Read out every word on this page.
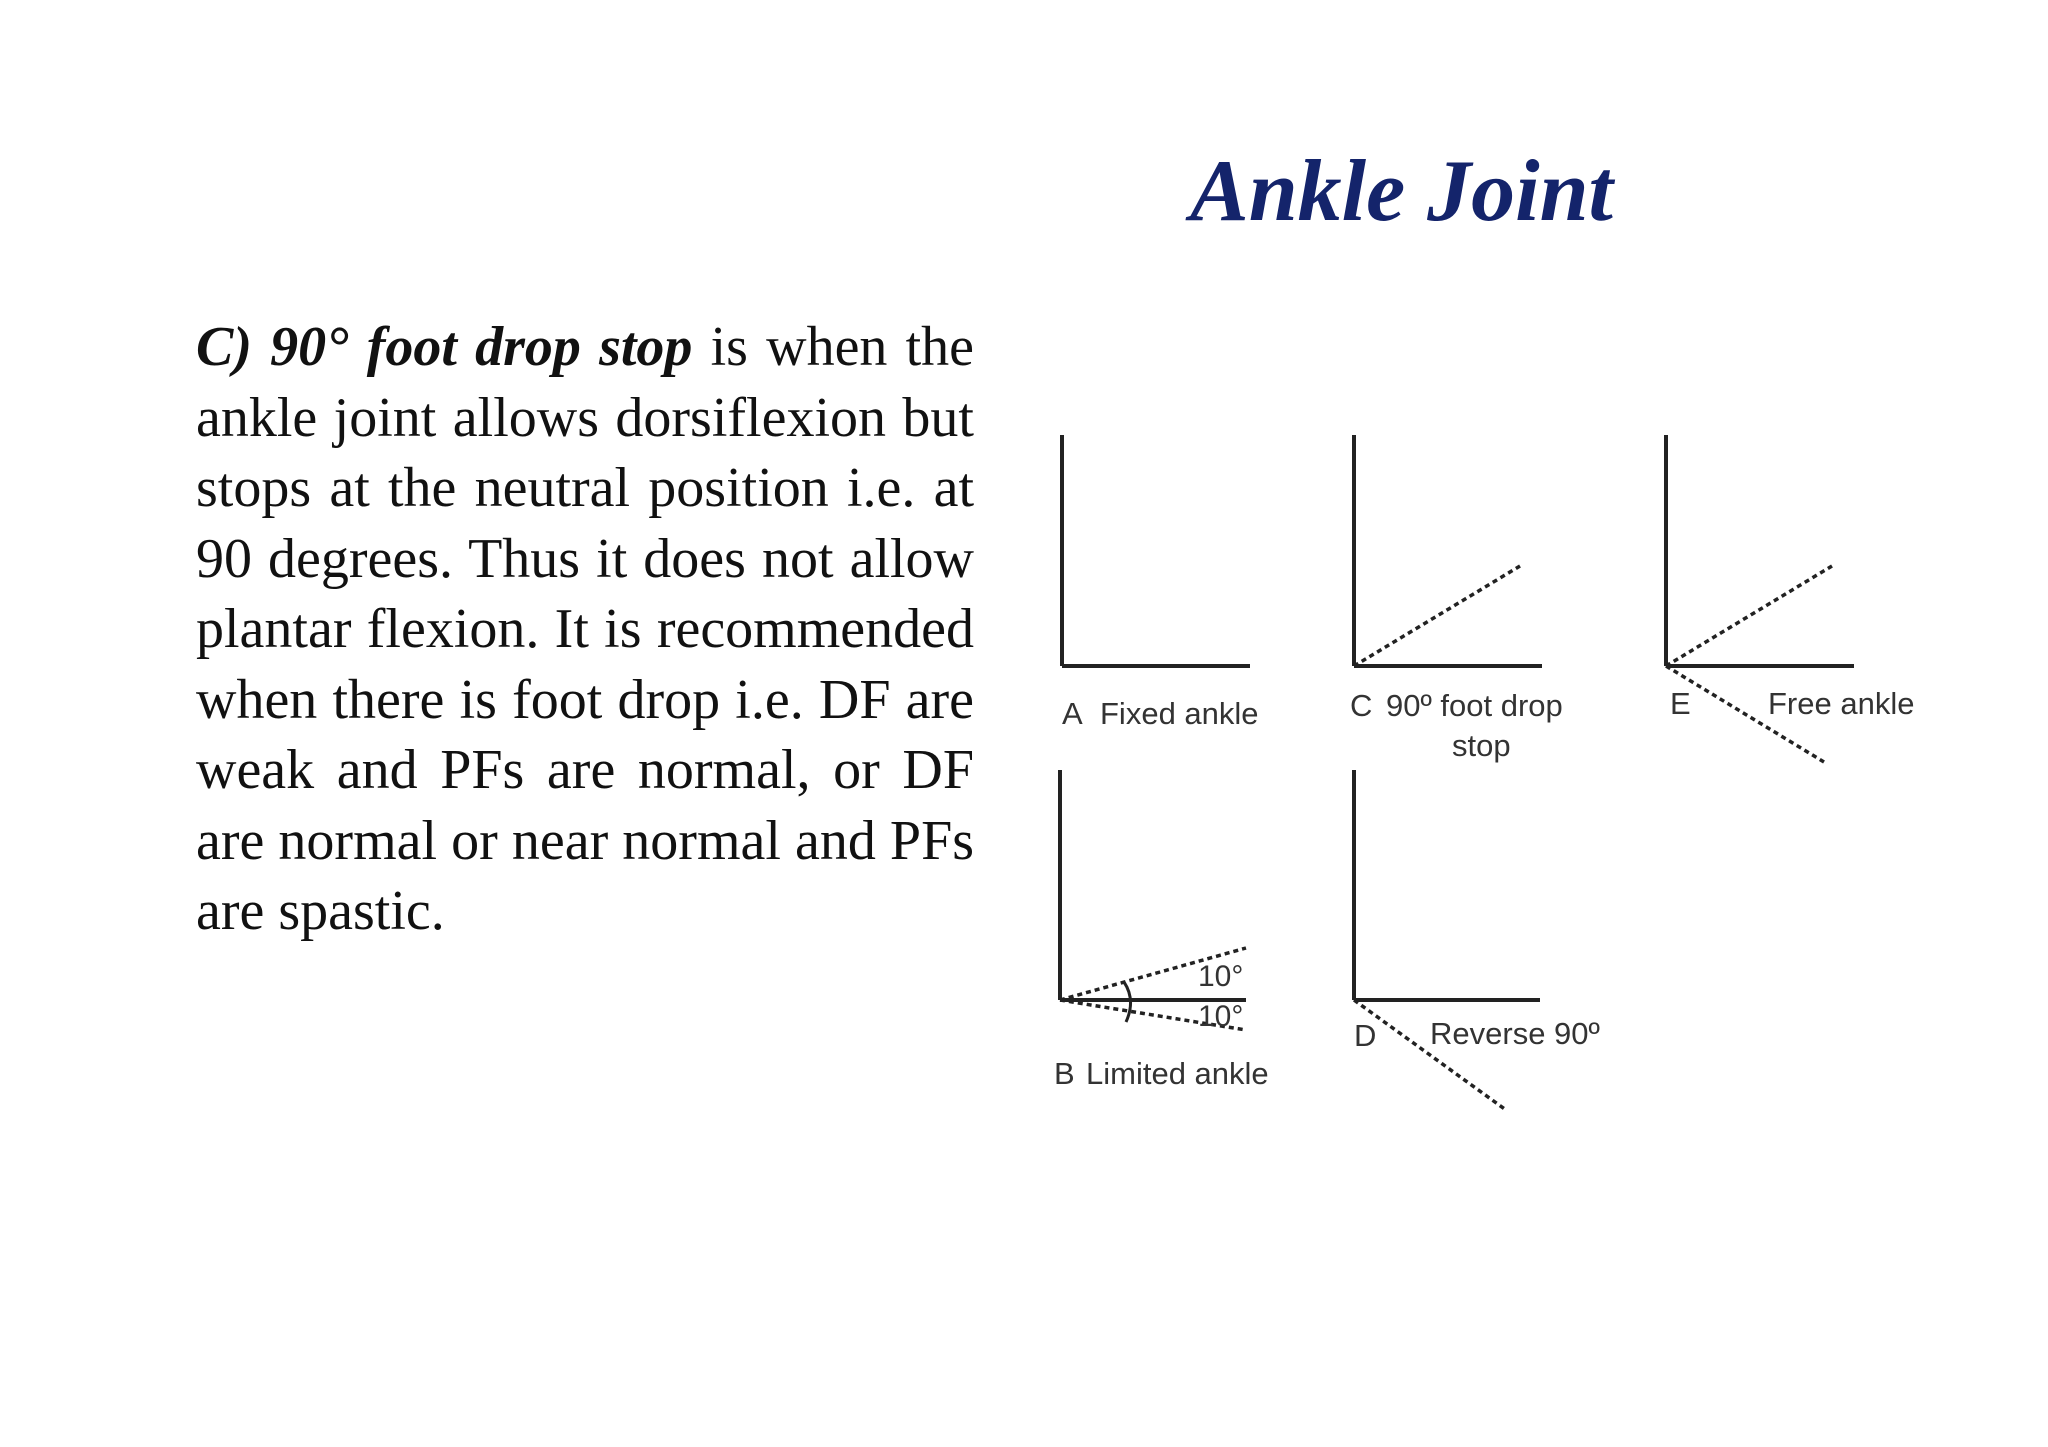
Ankle Joint
C) 90° foot drop stop is when the ankle joint allows dorsiflexion but stops at the neutral position i.e. at 90 degrees. Thus it does not allow plantar flexion. It is recommended when there is foot drop i.e. DF are weak and PFs are normal, or DF are normal or near normal and PFs are spastic.
A Fixed ankle	C 90º foot drop
stop
E Free ankle
10°
10°
B Limited ankle
D Reverse 90º
